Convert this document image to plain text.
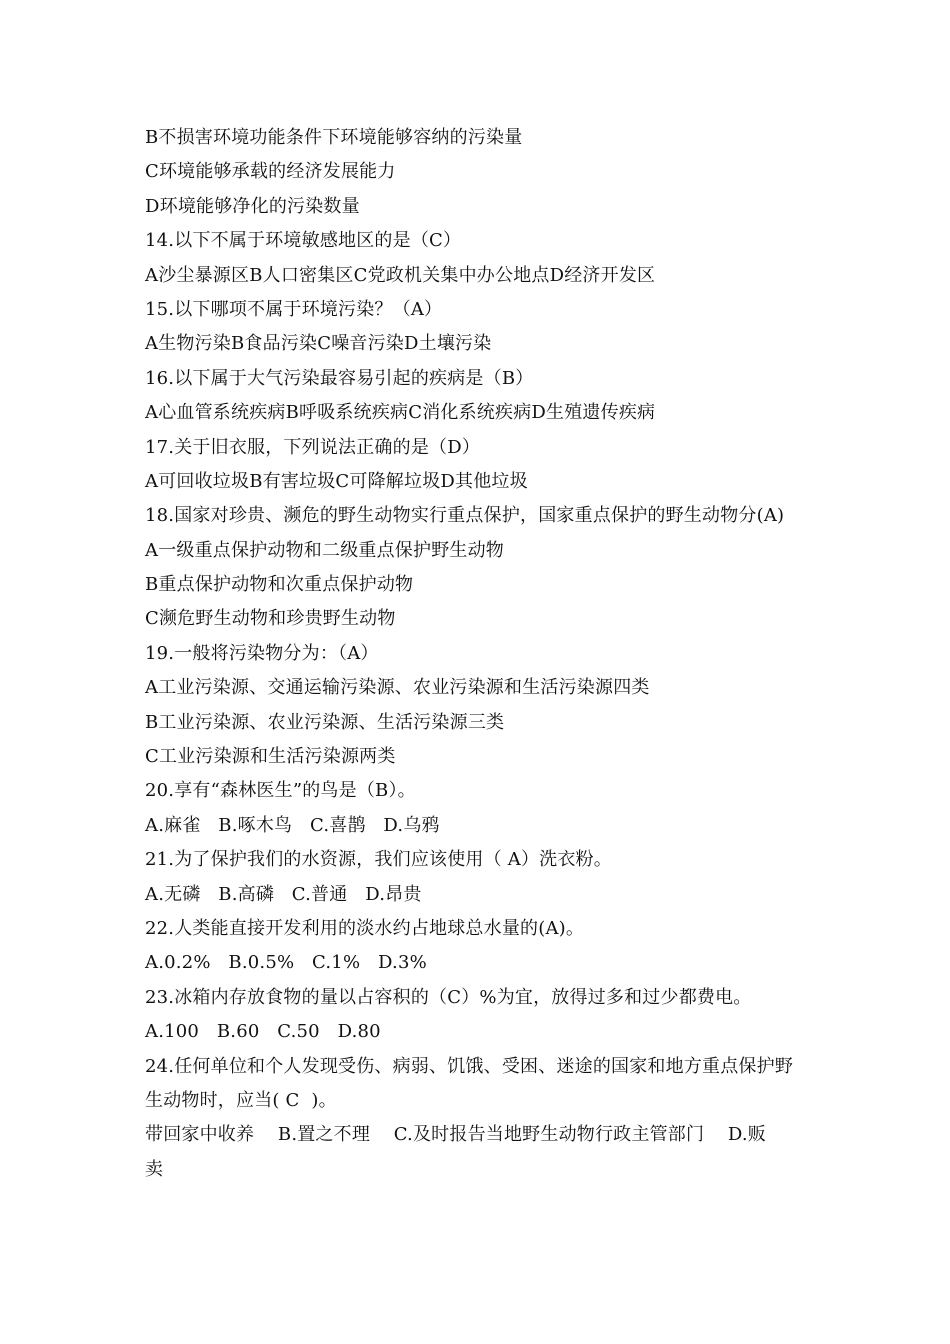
B不损害环境功能条件下环境能够容纳的污染量
C环境能够承载的经济发展能力
D环境能够净化的污染数量
14.以下不属于环境敏感地区的是（C）
A沙尘暴源区B人口密集区C党政机关集中办公地点D经济开发区
15.以下哪项不属于环境污染？（A）
A生物污染B食品污染C噪音污染D土壤污染
16.以下属于大气污染最容易引起的疾病是（B）
A心血管系统疾病B呼吸系统疾病C消化系统疾病D生殖遗传疾病
17.关于旧衣服，下列说法正确的是（D）
A可回收垃圾B有害垃圾C可降解垃圾D其他垃圾
18.国家对珍贵、濒危的野生动物实行重点保护，国家重点保护的野生动物分(A)
A一级重点保护动物和二级重点保护野生动物
B重点保护动物和次重点保护动物
C濒危野生动物和珍贵野生动物
19.一般将污染物分为：（A）
A工业污染源、交通运输污染源、农业污染源和生活污染源四类
B工业污染源、农业污染源、生活污染源三类
C工业污染源和生活污染源两类
20.享有“森林医生”的鸟是（B）。
A.麻雀   B.啄木鸟   C.喜鹊   D.乌鸦
21.为了保护我们的水资源，我们应该使用（ A）洗衣粉。
A.无磷   B.高磷   C.普通   D.昂贵
22.人类能直接开发利用的淡水约占地球总水量的(A)。
A.0.2%   B.0.5%   C.1%   D.3%
23.冰箱内存放食物的量以占容积的（C）%为宜，放得过多和过少都费电。
A.100   B.60   C.50   D.80
24.任何单位和个人发现受伤、病弱、饥饿、受困、迷途的国家和地方重点保护野
生动物时，应当( C  )。
带回家中收养    B.置之不理    C.及时报告当地野生动物行政主管部门    D.贩
卖
